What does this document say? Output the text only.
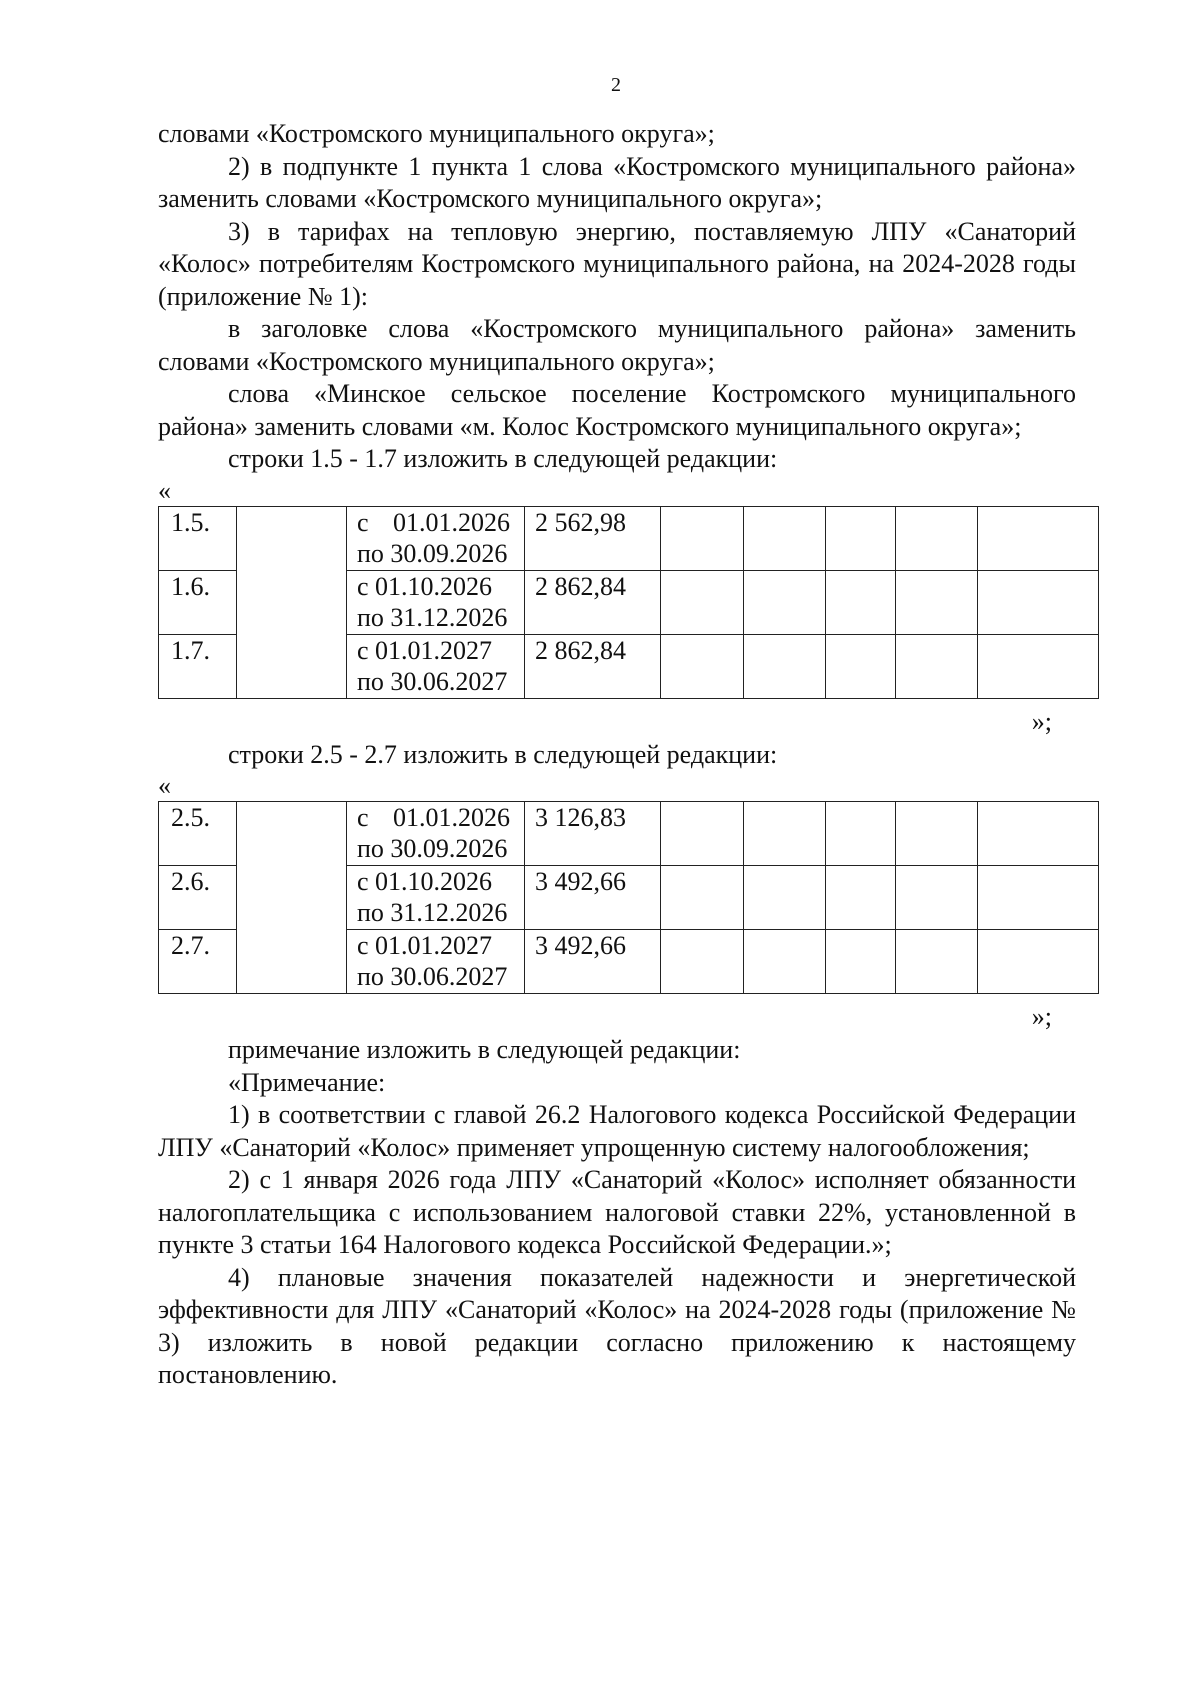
2

словами «Костромского муниципального округа»;

2) в подпункте 1 пункта 1 слова «Костромского муниципального района» заменить словами «Костромского муниципального округа»;

3) в тарифах на тепловую энергию, поставляемую ЛПУ «Санаторий «Колос» потребителям Костромского муниципального района, на 2024-2028 годы (приложение № 1):

в заголовке слова «Костромского муниципального района» заменить словами «Костромского муниципального округа»;

слова «Минское сельское поселение Костромского муниципального района» заменить словами «м. Колос Костромского муниципального округа»;

строки 1.5 - 1.7 изложить в следующей редакции:

«
1.5.		с 01.01.2026
по 30.09.2026	2 562,98					
1.6.		с 01.10.2026
по 31.12.2026	2 862,84					
1.7.		с 01.01.2027
по 30.06.2027	2 862,84					
»;

строки 2.5 - 2.7 изложить в следующей редакции:

«
2.5.		с 01.01.2026
по 30.09.2026	3 126,83					
2.6.		с 01.10.2026
по 31.12.2026	3 492,66					
2.7.		с 01.01.2027
по 30.06.2027	3 492,66					
»;

примечание изложить в следующей редакции:

«Примечание:

1) в соответствии с главой 26.2 Налогового кодекса Российской Федерации ЛПУ «Санаторий «Колос» применяет упрощенную систему налогообложения;

2) с 1 января 2026 года ЛПУ «Санаторий «Колос» исполняет обязанности налогоплательщика с использованием налоговой ставки 22%, установленной в пункте 3 статьи 164 Налогового кодекса Российской Федерации.»;

4) плановые значения показателей надежности и энергетической эффективности для ЛПУ «Санаторий «Колос» на 2024-2028 годы (приложение № 3) изложить в новой редакции согласно приложению к настоящему постановлению.
